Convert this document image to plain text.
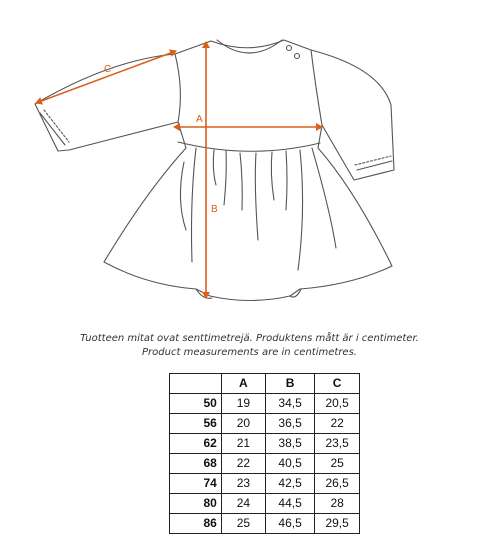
C
A
B
Tuotteen mitat ovat senttimetrejä. Produktens mått är i centimeter.
Product measurements are in centimetres.
	A	B	C
50	19	34,5	20,5
56	20	36,5	22
62	21	38,5	23,5
68	22	40,5	25
74	23	42,5	26,5
80	24	44,5	28
86	25	46,5	29,5
